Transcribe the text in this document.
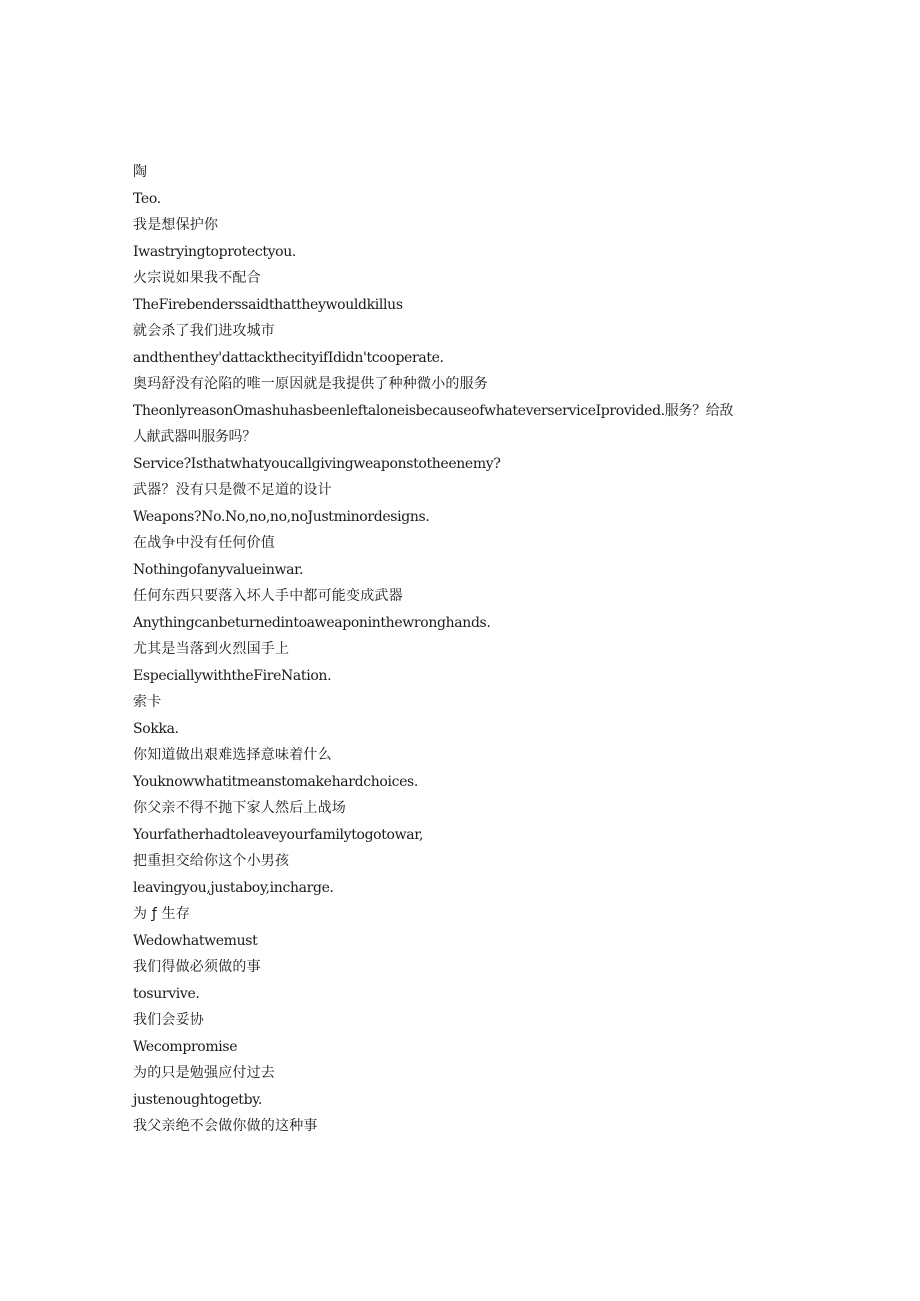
陶
Teo.
我是想保护你
Iwastryingtoprotectyou.
火宗说如果我不配合
TheFirebenderssaidthattheywouldkillus
就会杀了我们进攻城市
andthenthey'dattackthecityifIdidn'tcooperate.
奥玛舒没有沦陷的唯一原因就是我提供了种种微小的服务
TheonlyreasonOmashuhasbeenleftaloneisbecauseofwhateverserviceIprovided.服务？给敌人献武器叫服务吗？
Service?Isthatwhatyoucallgivingweaponstotheenemy?
武器？没有只是微不足道的设计
Weapons?No.No,no,no,noJustminordesigns.
在战争中没有任何价值
Nothingofanyvalueinwar.
任何东西只要落入坏人手中都可能变成武器
Anythingcanbeturnedintoaweaponinthewronghands.
尤其是当落到火烈国手上
EspeciallywiththeFireNation.
索卡
Sokka.
你知道做出艰难选择意味着什么
Youknowwhatitmeanstomakehardchoices.
你父亲不得不抛下家人然后上战场
Yourfatherhadtoleaveyourfamilytogotowar,
把重担交给你这个小男孩
leavingyou,justaboy,incharge.
为 ƒ 生存
Wedowhatwemust
我们得做必须做的事
tosurvive.
我们会妥协
Wecompromise
为的只是勉强应付过去
justenoughtogetby.
我父亲绝不会做你做的这种事
